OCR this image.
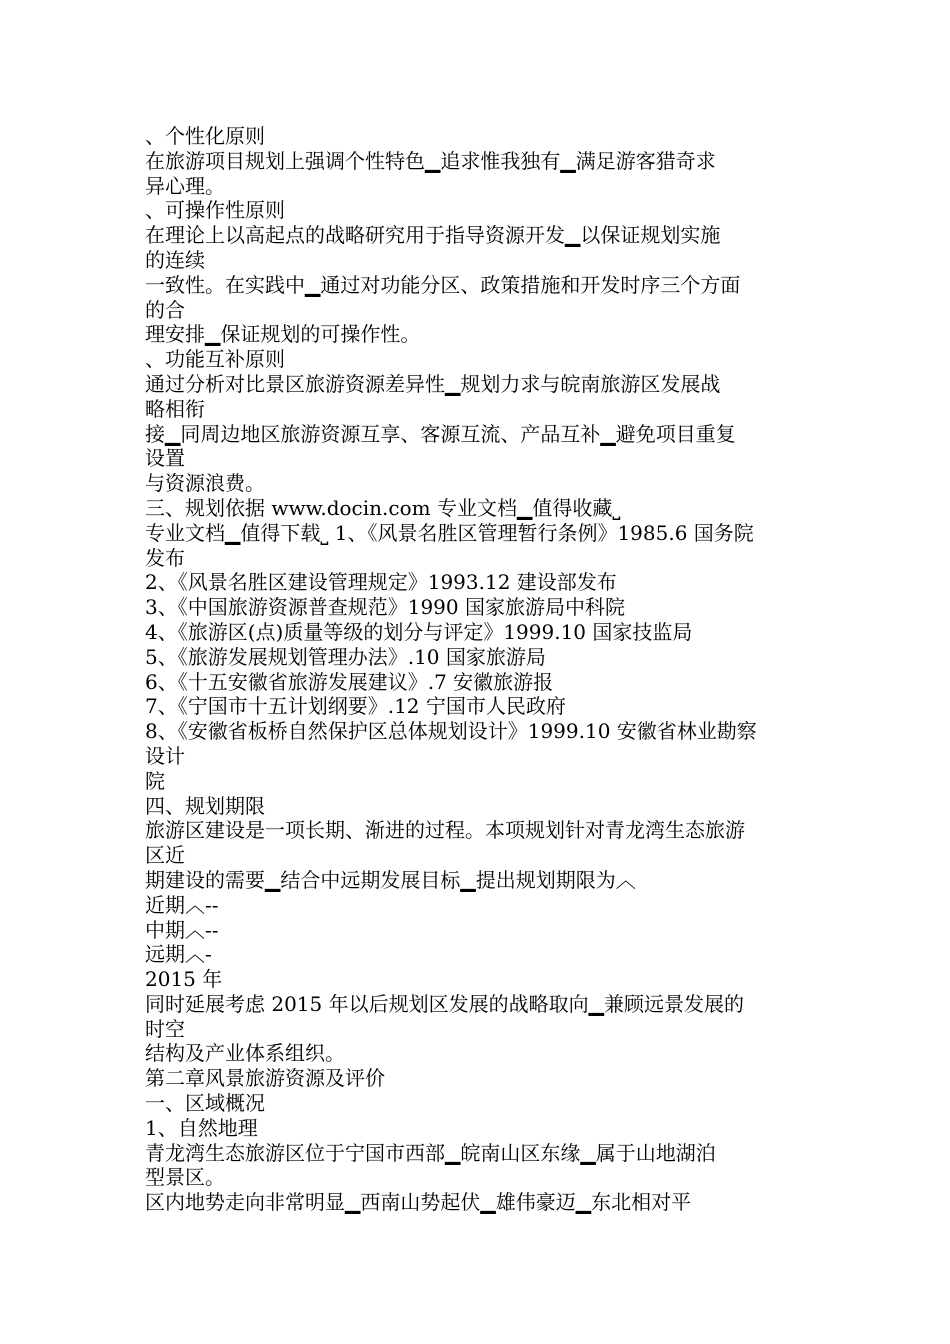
、个性化原则
在旅游项目规划上强调个性特色▁追求惟我独有▁满足游客猎奇求
异心理。
、可操作性原则
在理论上以高起点的战略研究用于指导资源开发▁以保证规划实施
的连续
一致性。在实践中▁通过对功能分区、政策措施和开发时序三个方面
的合
理安排▁保证规划的可操作性。
、功能互补原则
通过分析对比景区旅游资源差异性▁规划力求与皖南旅游区发展战
略相衔
接▁同周边地区旅游资源互享、客源互流、产品互补▁避免项目重复
设置
与资源浪费。
三、规划依据 www.docin.com 专业文档▁值得收藏⎵
专业文档▁值得下载⎵ 1、《风景名胜区管理暂行条例》1985.6 国务院
发布
2、《风景名胜区建设管理规定》1993.12 建设部发布
3、《中国旅游资源普查规范》1990 国家旅游局中科院
4、《旅游区(点)质量等级的划分与评定》1999.10 国家技监局
5、《旅游发展规划管理办法》.10 国家旅游局
6、《十五安徽省旅游发展建议》.7 安徽旅游报
7、《宁国市十五计划纲要》.12 宁国市人民政府
8、《安徽省板桥自然保护区总体规划设计》1999.10 安徽省林业勘察
设计
院
四、规划期限
旅游区建设是一项长期、渐进的过程。本项规划针对青龙湾生态旅游
区近
期建设的需要▁结合中远期发展目标▁提出规划期限为︿
近期︿--
中期︿--
远期︿-
2015 年
同时延展考虑 2015 年以后规划区发展的战略取向▁兼顾远景发展的
时空
结构及产业体系组织。
第二章风景旅游资源及评价
一、区域概况
1、自然地理
青龙湾生态旅游区位于宁国市西部▁皖南山区东缘▁属于山地湖泊
型景区。
区内地势走向非常明显▁西南山势起伏▁雄伟豪迈▁东北相对平
